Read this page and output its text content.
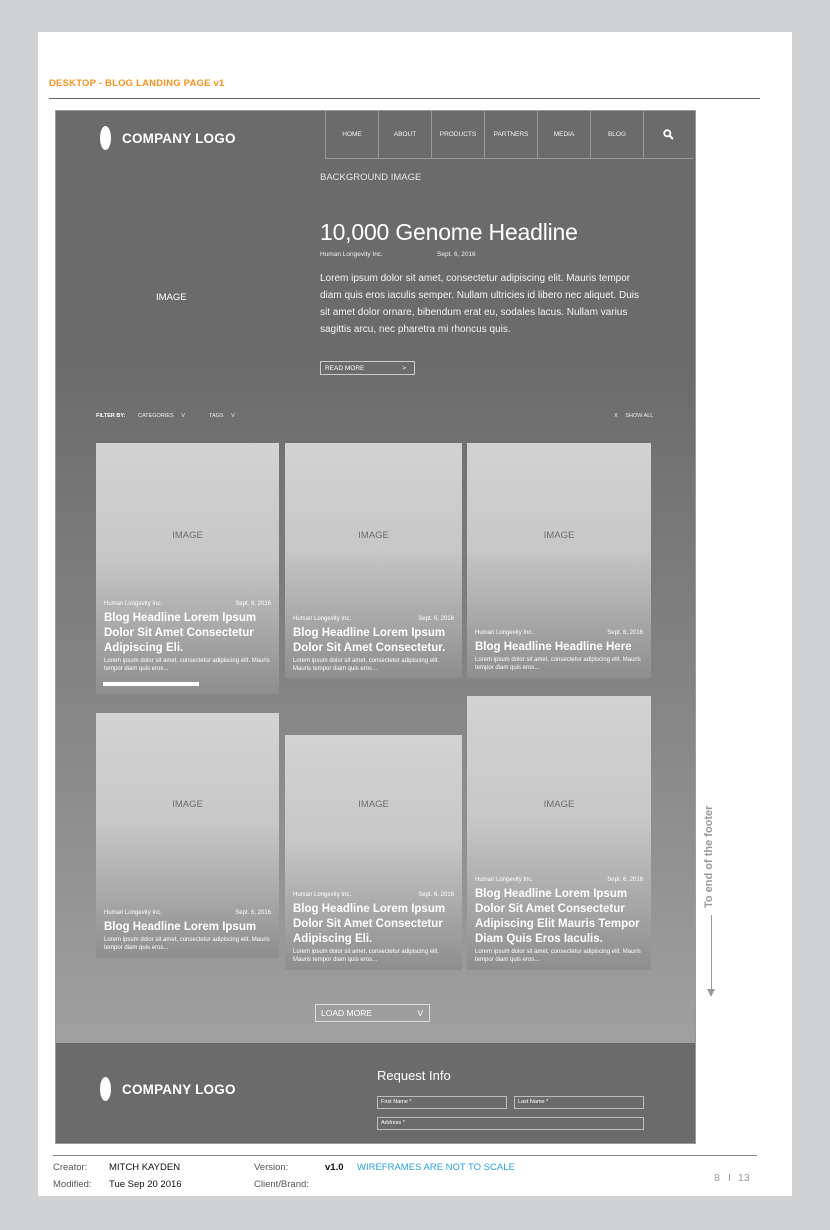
DESKTOP - BLOG LANDING PAGE v1
COMPANY LOGO	HOME	ABOUT	PRODUCTS	PARTNERS	MEDIA	BLOG
BACKGROUND IMAGE
IMAGE
10,000 Genome Headline
Human Longevity Inc.	Sept. 6, 2016
Lorem ipsum dolor sit amet, consectetur adipiscing elit. Mauris tempor diam quis eros iaculis semper. Nullam ultricies id libero nec aliquet. Duis sit amet dolor ornare, bibendum erat eu, sodales lacus. Nullam varius sagittis arcu, nec pharetra mi rhoncus quis.
READ MORE	>
FILTER BY: CATEGORIES V	TAGS V	X SHOW ALL
IMAGE
Human Longevity Inc.	Sept. 6, 2016
Blog Headline Lorem Ipsum Dolor Sit Amet Consectetur Adipiscing Eli.
Lorem ipsum dolor sit amet, consectetur adipiscing elit. Mauris tempor diam quis eros...
IMAGE
Human Longevity Inc.	Sept. 6, 2016
Blog Headline Lorem Ipsum Dolor Sit Amet Consectetur.
Lorem ipsum dolor sit amet, consectetur adipiscing elit. Mauris tempor diam quis eros...
IMAGE
Human Longevity Inc.	Sept. 6, 2016
Blog Headline Headline Here
Lorem ipsum dolor sit amet, consectetur adipiscing elit. Mauris tempor diam quis eros...
IMAGE
Human Longevity Inc.	Sept. 6, 2016
Blog Headline Lorem Ipsum
Lorem ipsum dolor sit amet, consectetur adipiscing elit. Mauris tempor diam quis eros...
IMAGE
Human Longevity Inc.	Sept. 6, 2016
Blog Headline Lorem Ipsum Dolor Sit Amet Consectetur Adipiscing Eli.
Lorem ipsum dolor sit amet, consectetur adipiscing elit. Mauris tempor diam quis eros...
IMAGE
Human Longevity Inc.	Sept. 6, 2016
Blog Headline Lorem Ipsum Dolor Sit Amet Consectetur Adipiscing Elit Mauris Tempor Diam Quis Eros Iaculis.
Lorem ipsum dolor sit amet, consectetur adipiscing elit. Mauris tempor diam quis eros...
LOAD MORE	V
COMPANY LOGO
Request Info
First Name *	Last Name *
Address *
To end of the footer
Creator: MITCH KAYDEN
Modified: Tue Sep 20 2016
Version:	v1.0
Client/Brand:
WIREFRAMES ARE NOT TO SCALE
8 I 13
